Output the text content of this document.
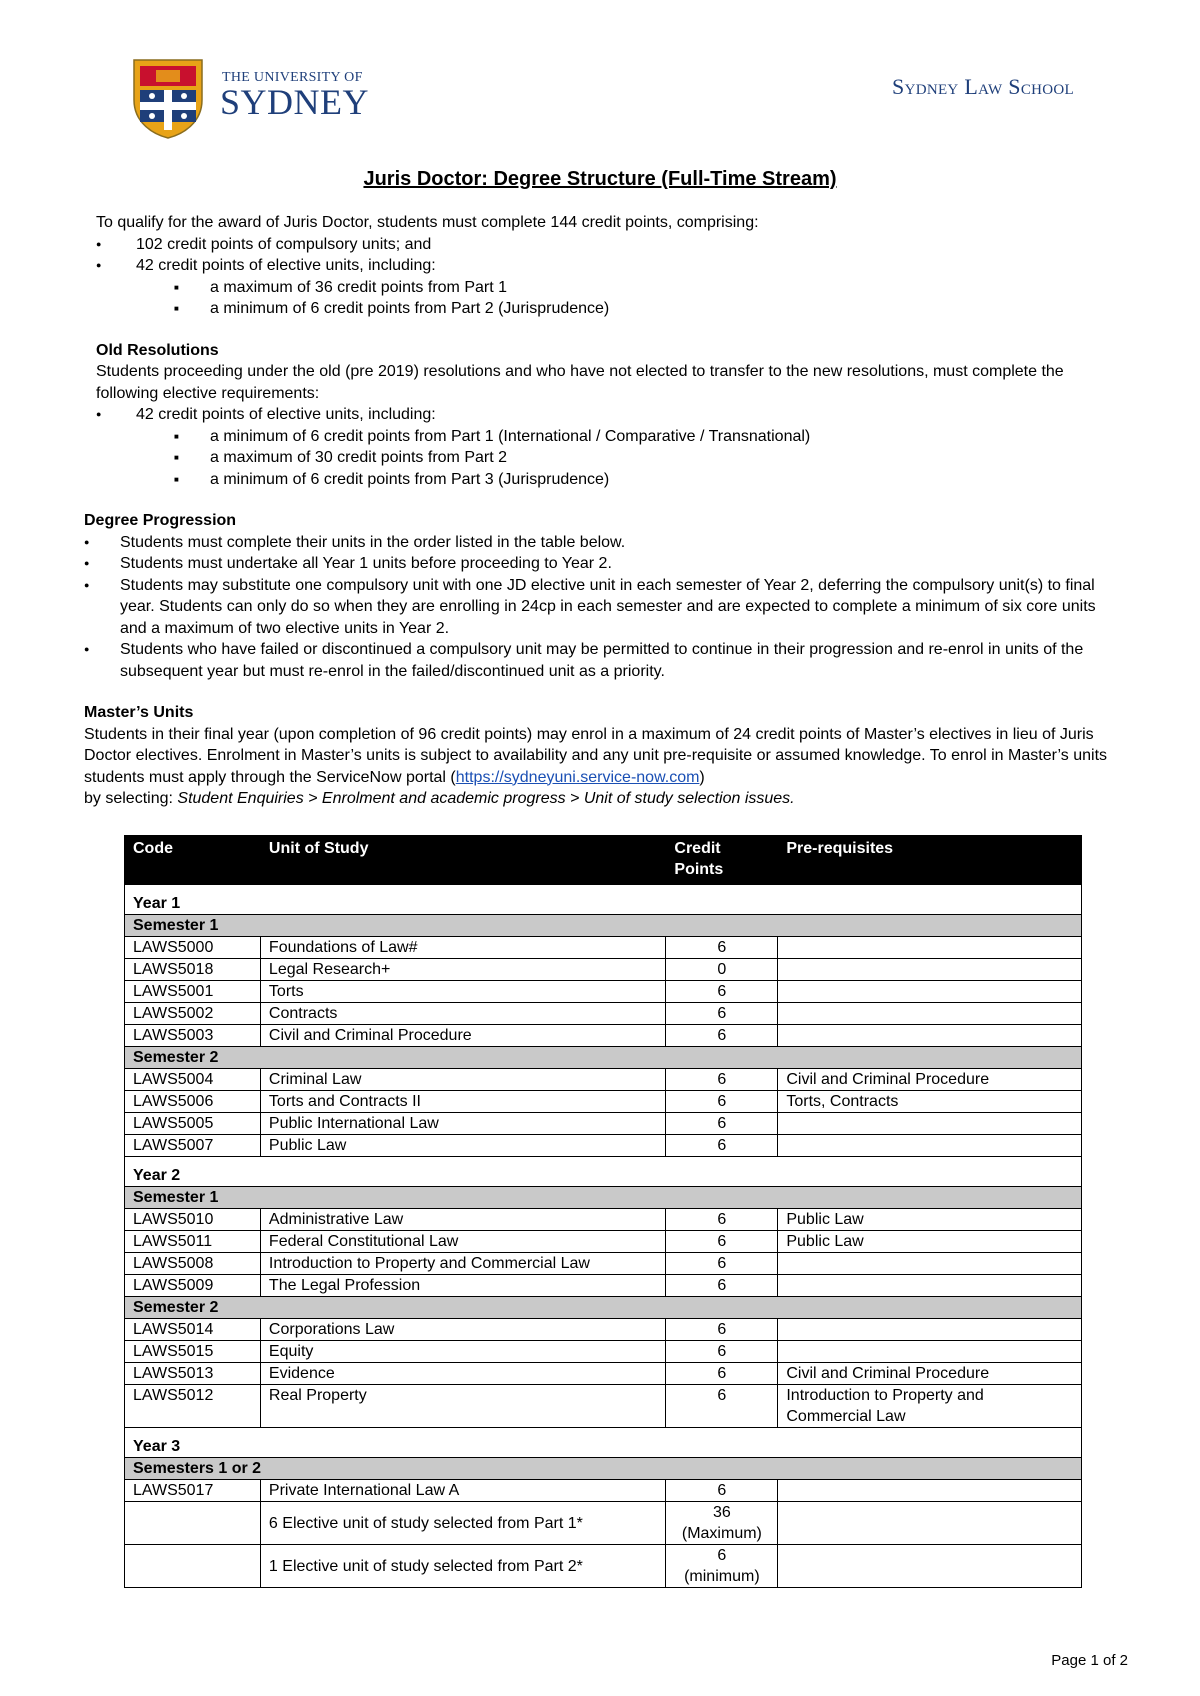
THE UNIVERSITY OF
SYDNEY	Sydney Law School
Juris Doctor: Degree Structure (Full-Time Stream)

To qualify for the award of Juris Doctor, students must complete 144 credit points, comprising:

● 102 credit points of compulsory units; and
● 42 credit points of elective units, including:
■ a maximum of 36 credit points from Part 1
■ a minimum of 6 credit points from Part 2 (Jurisprudence)

Old Resolutions

Students proceeding under the old (pre 2019) resolutions and who have not elected to transfer to the new resolutions, must complete the following elective requirements:

● 42 credit points of elective units, including:
■ a minimum of 6 credit points from Part 1 (International / Comparative / Transnational)
■ a maximum of 30 credit points from Part 2
■ a minimum of 6 credit points from Part 3 (Jurisprudence)

Degree Progression

● Students must complete their units in the order listed in the table below.
● Students must undertake all Year 1 units before proceeding to Year 2.
● Students may substitute one compulsory unit with one JD elective unit in each semester of Year 2, deferring the compulsory unit(s) to final year. Students can only do so when they are enrolling in 24cp in each semester and are expected to complete a minimum of six core units and a maximum of two elective units in Year 2.
● Students who have failed or discontinued a compulsory unit may be permitted to continue in their progression and re-enrol in units of the subsequent year but must re-enrol in the failed/discontinued unit as a priority.

Master’s Units

Students in their final year (upon completion of 96 credit points) may enrol in a maximum of 24 credit points of Master’s electives in lieu of Juris Doctor electives. Enrolment in Master’s units is subject to availability and any unit pre-requisite or assumed knowledge. To enrol in Master’s units students must apply through the ServiceNow portal (https://sydneyuni.service-now.com)
by selecting: Student Enquiries > Enrolment and academic progress > Unit of study selection issues.

Code	Unit of Study	Credit
Points	Pre-requisites
Year 1			
Semester 1			
LAWS5000	Foundations of Law#	6	
LAWS5018	Legal Research+	0	
LAWS5001	Torts	6	
LAWS5002	Contracts	6	
LAWS5003	Civil and Criminal Procedure	6	
Semester 2			
LAWS5004	Criminal Law	6	Civil and Criminal Procedure
LAWS5006	Torts and Contracts II	6	Torts, Contracts
LAWS5005	Public International Law	6	
LAWS5007	Public Law	6	
Year 2			
Semester 1			
LAWS5010	Administrative Law	6	Public Law
LAWS5011	Federal Constitutional Law	6	Public Law
LAWS5008	Introduction to Property and Commercial Law	6	
LAWS5009	The Legal Profession	6	
Semester 2			
LAWS5014	Corporations Law	6	
LAWS5015	Equity	6	
LAWS5013	Evidence	6	Civil and Criminal Procedure
LAWS5012	Real Property	6	Introduction to Property and
Commercial Law
Year 3			
Semesters 1 or 2			
LAWS5017	Private International Law A	6	
	6 Elective unit of study selected from Part 1*	36
(Maximum)	
	1 Elective unit of study selected from Part 2*	6
(minimum)	
Page 1 of 2
